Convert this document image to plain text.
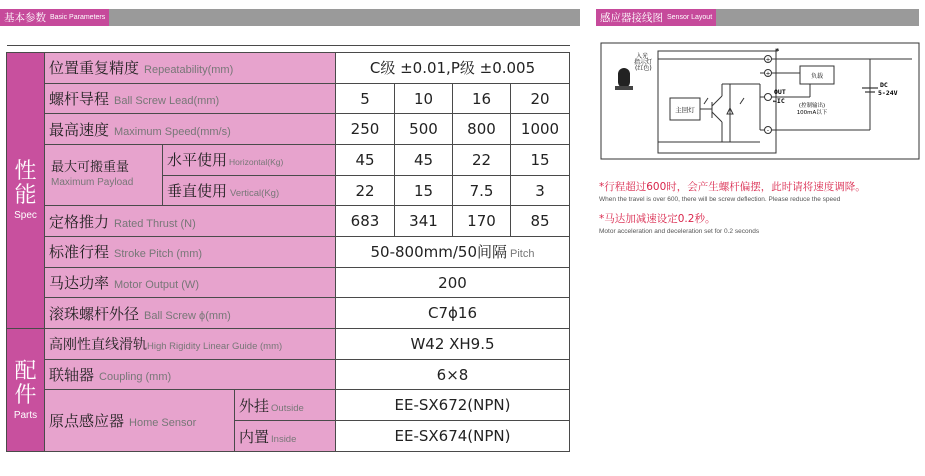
基本参数 Basic Parameters	感应器接线图 Sensor Layout

性
能
Spec	位置重复精度 Repeatability(mm)			C级 ±0.01,P级 ±0.005			
	螺杆导程 Ball Screw Lead(mm)			5	10	16	20
	最高速度 Maximum Speed(mm/s)			250	500	800	1000
	最大可搬重量
Maximum Payload	水平使用 Horizontal(Kg)		45	45	22	15
		垂直使用 Vertical(Kg)		22	15	7.5	3
	定格推力 Rated Thrust (N)			683	341	170	85
	标准行程 Stroke Pitch (mm)			50-800mm/50间隔 Pitch			
	马达功率 Motor Output (W)			200			
	滚珠螺杆外径 Ball Screw ϕ(mm)			C7ϕ16			

配
件
Parts	高刚性直线滑轨High Rigidity Linear Guide (mm)			W42 XH9.5			
	联轴器 Coupling (mm)			6×8			
	原点感应器 Home Sensor		外挂 Outside	EE-SX672(NPN)			
			内置 Inside	EE-SX674(NPN)			
入光 指示灯 (红色)
主回灯
+
+
-
*
OUT
←IC
负载
(控制输出)
100mA以下
DC
5-24V
*行程超过600时，会产生螺杆偏摆，此时请将速度调降。
When the travel is over 600, there will be screw deflection. Please reduce the speed
*马达加减速设定0.2秒。
Motor acceleration and deceleration set for 0.2 seconds
